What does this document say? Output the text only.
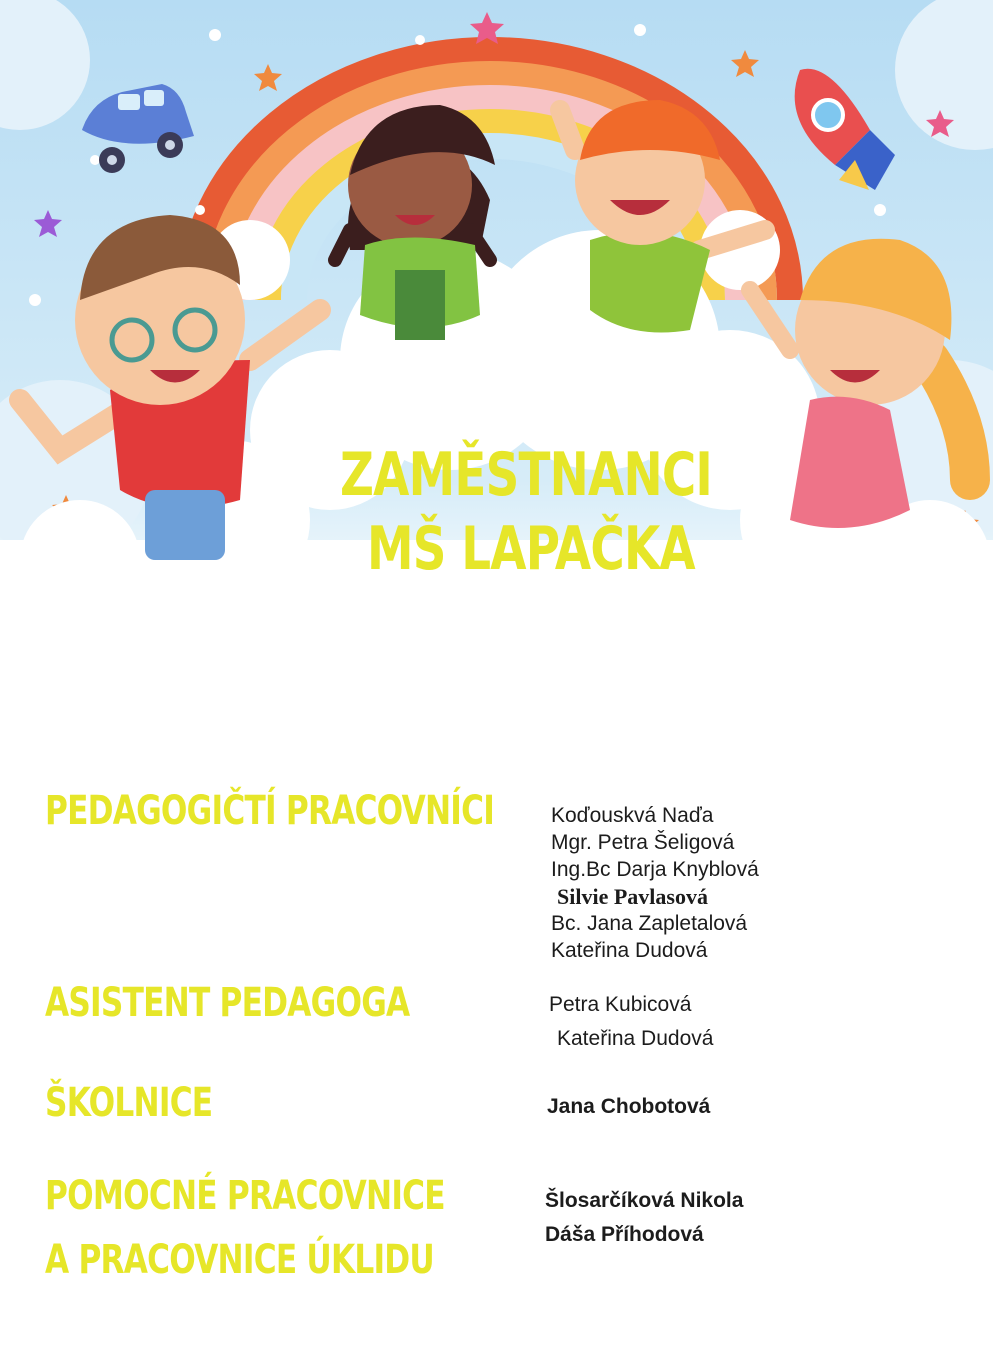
ZAMĚSTNANCI
MŠ LAPAČKA
PEDAGOGIČTÍ PRACOVNÍCI	Koďouskvá Naďa
Mgr. Petra Šeligová
Ing.Bc Darja Knyblová
Silvie Pavlasová
Bc. Jana Zapletalová
Kateřina Dudová
ASISTENT PEDAGOGA	Petra Kubicová
Kateřina Dudová
ŠKOLNICE	Jana Chobotová
POMOCNÉ PRACOVNICE
A PRACOVNICE ÚKLIDU
Šlosarčíková Nikola
Dáša Příhodová
